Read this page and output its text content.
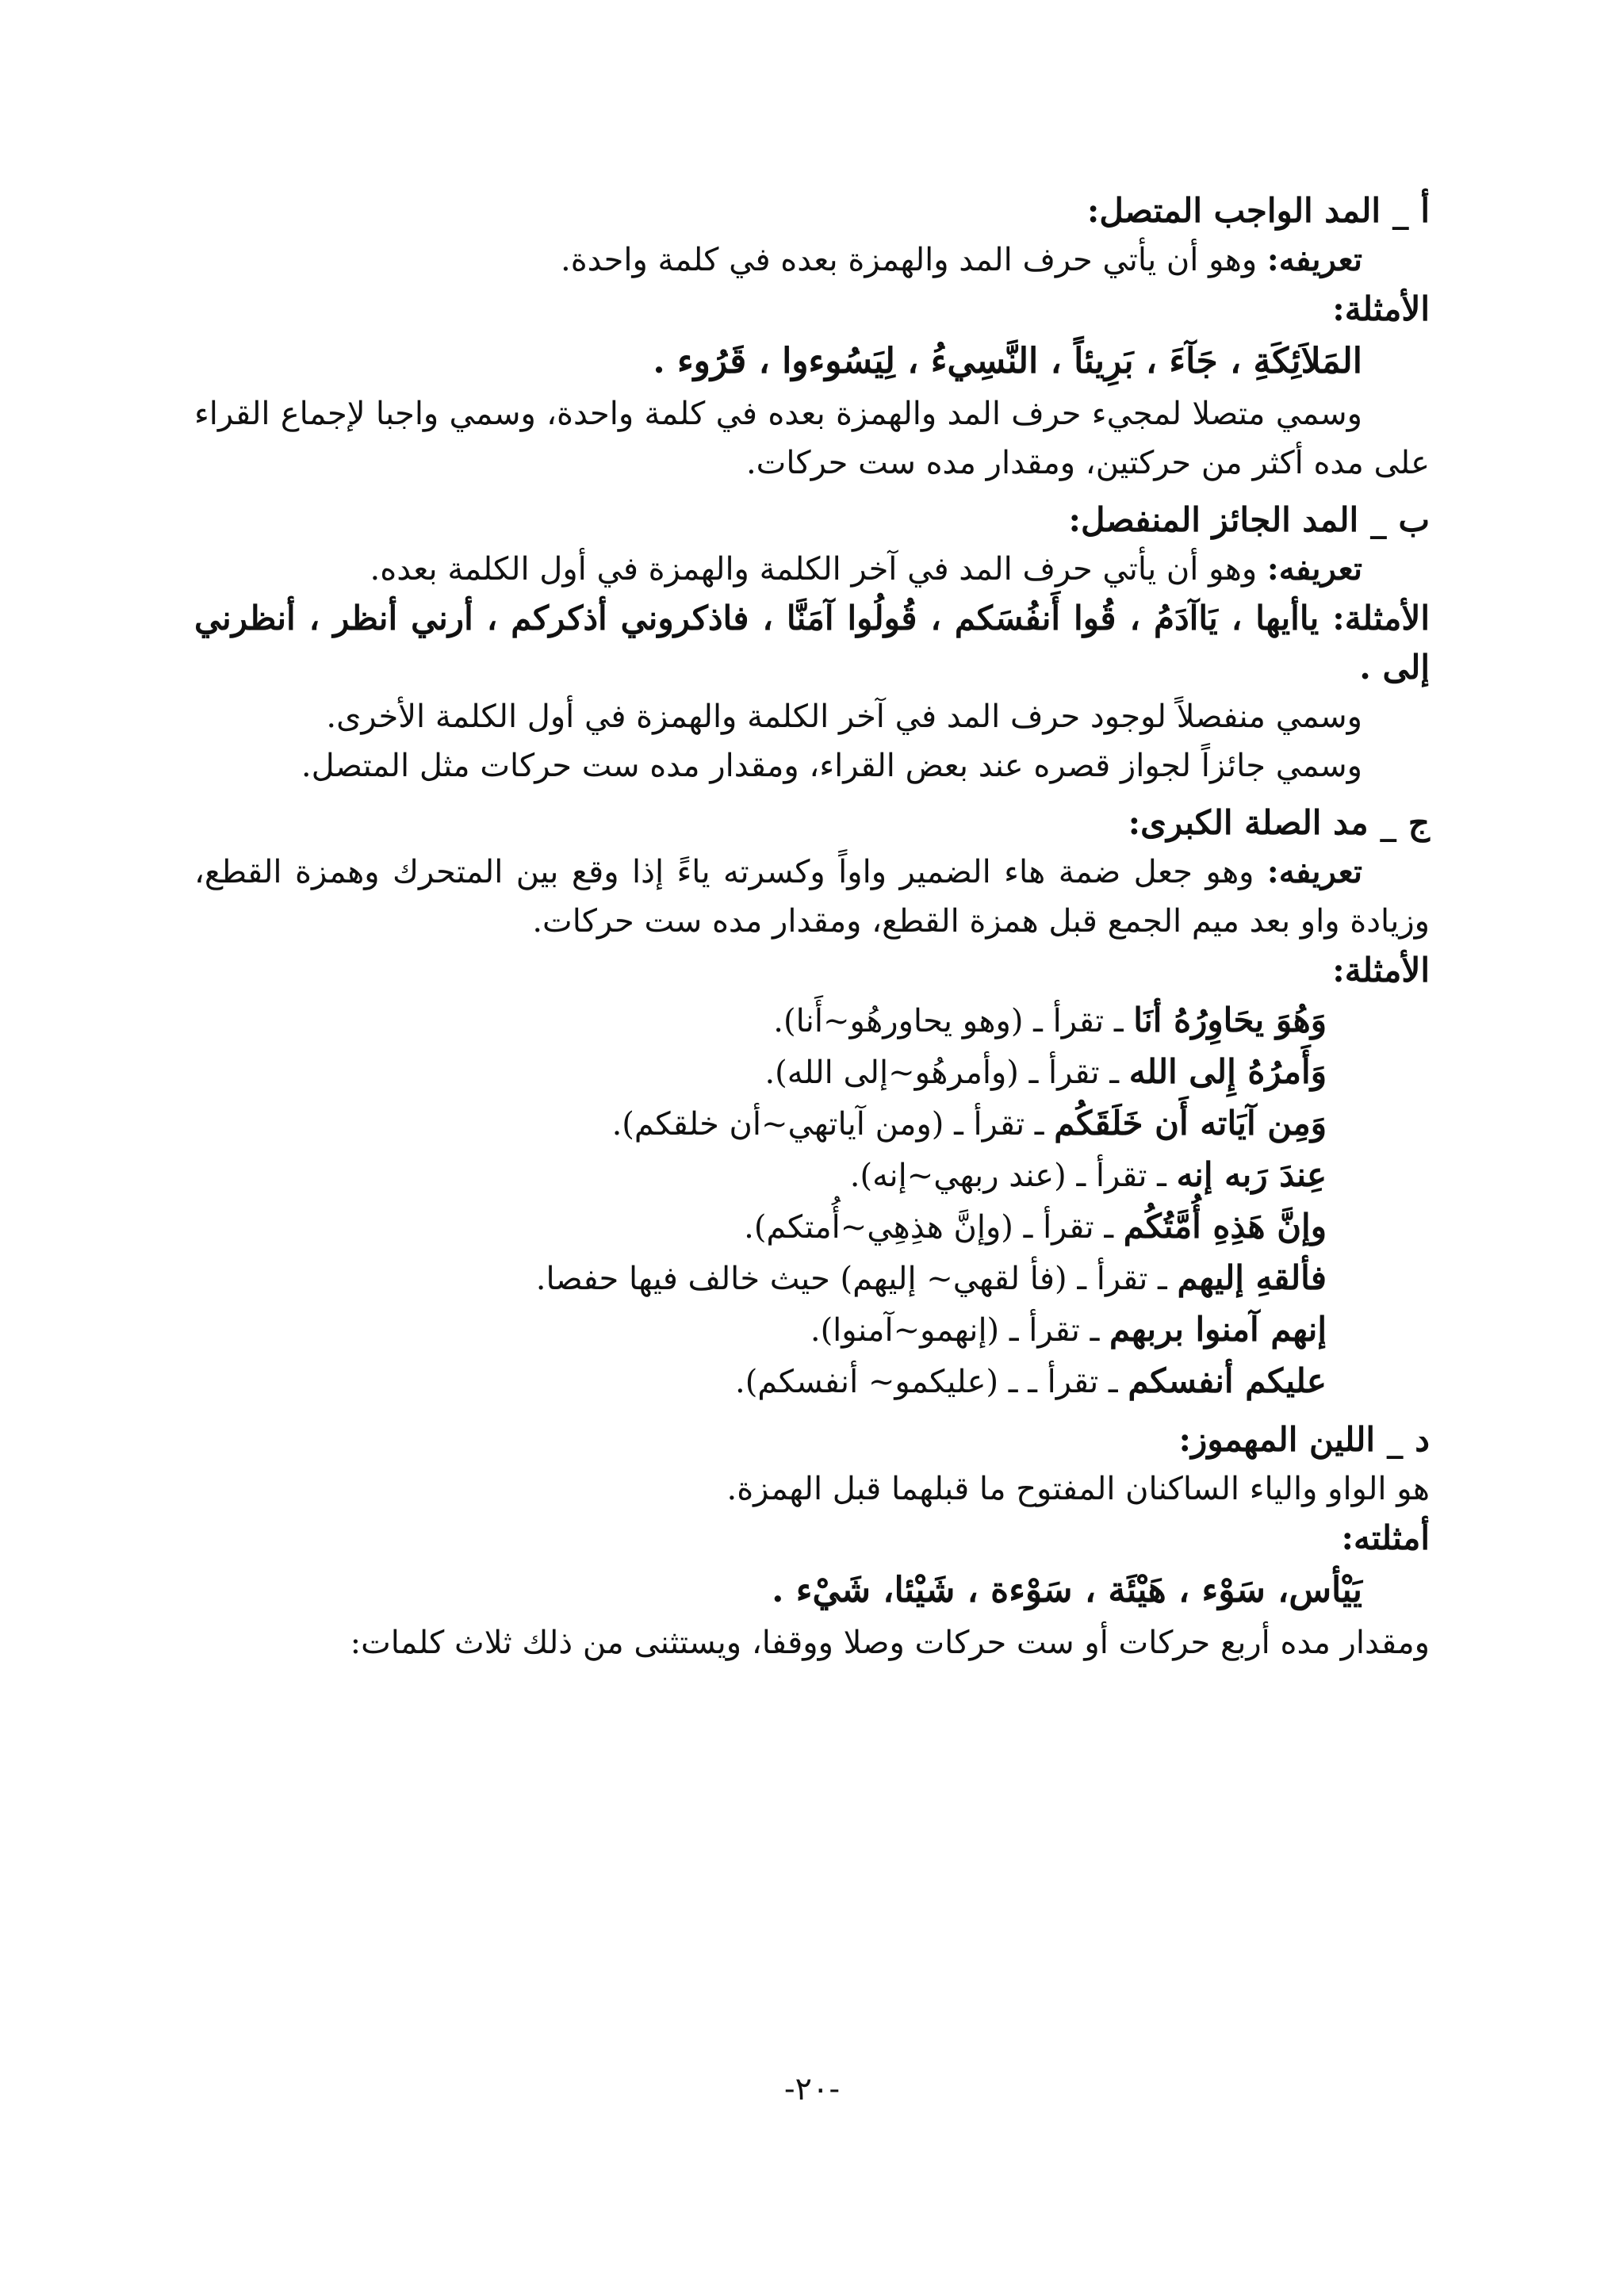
أ _ المد الواجب المتصل:
تعريفه: وهو أن يأتي حرف المد والهمزة بعده في كلمة واحدة.
الأمثلة:
المَلاَئِكَةِ ، جَآءَ ، بَرِيئاً ، النَّسِيءُ ، لِيَسُوءوا ، قَرُوء .
وسمي متصلا لمجيء حرف المد والهمزة بعده في كلمة واحدة، وسمي واجبا لإجماع القراء على مده أكثر من حركتين، ومقدار مده ست حركات.
ب _ المد الجائز المنفصل:
تعريفه: وهو أن يأتي حرف المد في آخر الكلمة والهمزة في أول الكلمة بعده.
الأمثلة: ياأيها ، يَاآدَمُ ، قُوا أَنفُسَكم ، قُولُوا آمَنَّا ، فاذكروني أذكركم ، أرني أنظر ، أنظرني إلى .
وسمي منفصلاً لوجود حرف المد في آخر الكلمة والهمزة في أول الكلمة الأخرى.
وسمي جائزاً لجواز قصره عند بعض القراء، ومقدار مده ست حركات مثل المتصل.
ج _ مد الصلة الكبرى:
تعريفه: وهو جعل ضمة هاء الضمير واواً وكسرته ياءً إذا وقع بين المتحرك وهمزة القطع، وزيادة واو بعد ميم الجمع قبل همزة القطع، ومقدار مده ست حركات.
الأمثلة:
وَهُوَ يحَاوِرُهُ أنَا ـ تقرأ ـ (وهو يحاورهُو~أَنا).
وَأَمرُهُ إِلى الله ـ تقرأ ـ (وأمرهُو~إلى الله).
وَمِن آيَاته أَن خَلَقَكُم ـ تقرأ ـ (ومن آياتهي~أن خلقكم).
عِندَ رَبه إنه ـ تقرأ ـ (عند ربهي~إنه).
وإنَّ هَذِهِ أُمَّتُكُم ـ تقرأ ـ (وإنَّ هذِهِي~أُمتكم).
فألقهِ إليهم ـ تقرأ ـ (فأ لقهي~ إليهم) حيث خالف فيها حفصا.
إنهم آمنوا بربهم ـ تقرأ ـ (إنهمو~آمنوا).
عليكم أنفسكم ـ تقرأ ـ ـ (عليكمو~ أنفسكم).
د _ اللين المهموز:
هو الواو والياء الساكنان المفتوح ما قبلهما قبل الهمزة.
أمثلته:
يَيْأس، سَوْء ، هَيْئَة ، سَوْءة ، شَيْئا، شَيْء .
ومقدار مده أربع حركات أو ست حركات وصلا ووقفا، ويستثنى من ذلك ثلاث كلمات:
-٢٠-
